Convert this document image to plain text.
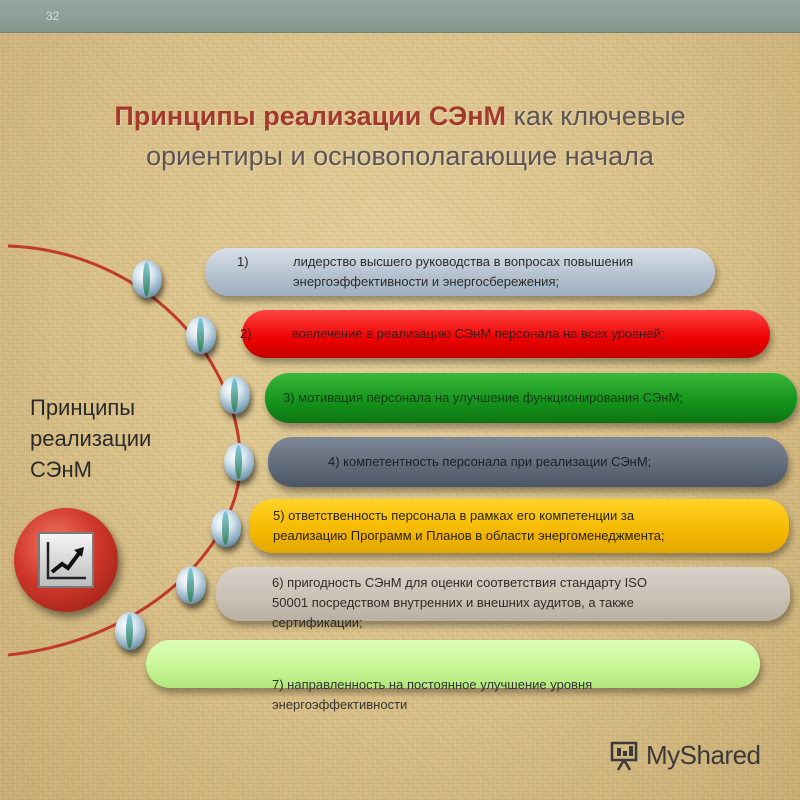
32
Принципы реализации СЭнМ как ключевые
ориентиры и основополагающие начала
Принципы
реализации
СЭнМ
1)	лидерство высшего руководства в вопросах повышения
энергоэффективности и энергосбережения;
2)	вовлечение в реализацию СЭнМ персонала на всех уровней;
3) мотивация персонала на улучшение функционирования СЭнМ;
4) компетентность персонала при реализации СЭнМ;
5) ответственность персонала в рамках его компетенции за
реализацию Программ и Планов в области энергоменеджмента;
6) пригодность СЭнМ для оценки соответствия стандарту ISO
50001 посредством внутренних и внешних аудитов, а также
сертификации;
7) направленность на постоянное улучшение уровня
энергоэффективности
MyShared
